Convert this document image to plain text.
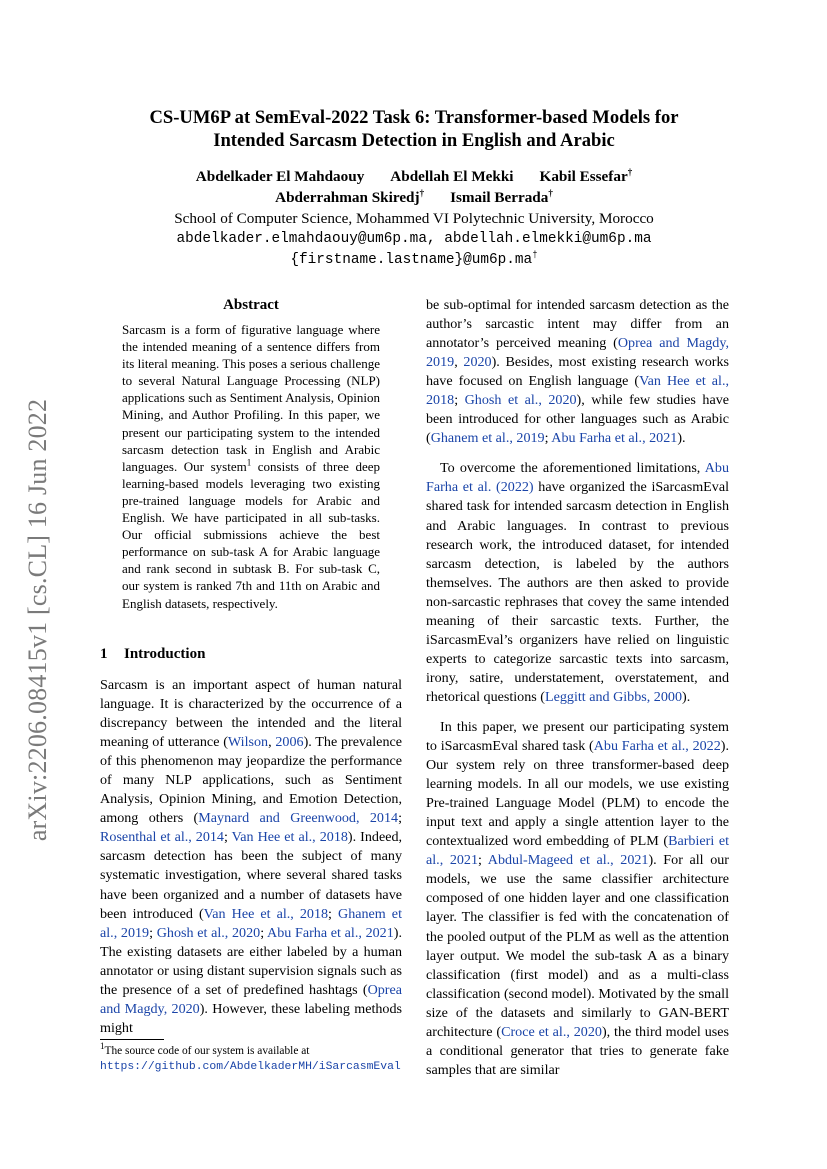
arXiv:2206.08415v1 [cs.CL] 16 Jun 2022
CS-UM6P at SemEval-2022 Task 6: Transformer-based Models for
Intended Sarcasm Detection in English and Arabic
Abdelkader El Mahdaouy Abdellah El Mekki Kabil Essefar†
Abderrahman Skiredj† Ismail Berrada†
School of Computer Science, Mohammed VI Polytechnic University, Morocco
abdelkader.elmahdaouy@um6p.ma, abdellah.elmekki@um6p.ma
{firstname.lastname}@um6p.ma†
Abstract

Sarcasm is a form of figurative language where the intended meaning of a sentence differs from its literal meaning. This poses a serious challenge to several Natural Language Processing (NLP) applications such as Sentiment Analysis, Opinion Mining, and Author Profiling. In this paper, we present our participating system to the intended sarcasm detection task in English and Arabic languages. Our system$^1$ consists of three deep learning-based models leveraging two existing pre-trained language models for Arabic and English. We have participated in all sub-tasks. Our official submissions achieve the best performance on sub-task A for Arabic language and rank second in subtask B. For sub-task C, our system is ranked 7th and 11th on Arabic and English datasets, respectively.

1 Introduction

Sarcasm is an important aspect of human natural language. It is characterized by the occurrence of a discrepancy between the intended and the literal meaning of utterance (Wilson, 2006). The prevalence of this phenomenon may jeopardize the performance of many NLP applications, such as Sentiment Analysis, Opinion Mining, and Emotion Detection, among others (Maynard and Greenwood, 2014; Rosenthal et al., 2014; Van Hee et al., 2018). Indeed, sarcasm detection has been the subject of many systematic investigation, where several shared tasks have been organized and a number of datasets have been introduced (Van Hee et al., 2018; Ghanem et al., 2019; Ghosh et al., 2020; Abu Farha et al., 2021). The existing datasets are either labeled by a human annotator or using distant supervision signals such as the presence of a set of predefined hashtags (Oprea and Magdy, 2020). However, these labeling methods might

$^1$The source code of our system is available at https://github.com/AbdelkaderMH/iSarcasmEval

be sub-optimal for intended sarcasm detection as the author’s sarcastic intent may differ from an annotator’s perceived meaning (Oprea and Magdy, 2019, 2020). Besides, most existing research works have focused on English language (Van Hee et al., 2018; Ghosh et al., 2020), while few studies have been introduced for other languages such as Arabic (Ghanem et al., 2019; Abu Farha et al., 2021).

To overcome the aforementioned limitations, Abu Farha et al. (2022) have organized the iSarcasmEval shared task for intended sarcasm detection in English and Arabic languages. In contrast to previous research work, the introduced dataset, for intended sarcasm detection, is labeled by the authors themselves. The authors are then asked to provide non-sarcastic rephrases that covey the same intended meaning of their sarcastic texts. Further, the iSarcasmEval’s organizers have relied on linguistic experts to categorize sarcastic texts into sarcasm, irony, satire, understatement, overstatement, and rhetorical questions (Leggitt and Gibbs, 2000).

In this paper, we present our participating system to iSarcasmEval shared task (Abu Farha et al., 2022). Our system rely on three transformer-based deep learning models. In all our models, we use existing Pre-trained Language Model (PLM) to encode the input text and apply a single attention layer to the contextualized word embedding of PLM (Barbieri et al., 2021; Abdul-Mageed et al., 2021). For all our models, we use the same classifier architecture composed of one hidden layer and one classification layer. The classifier is fed with the concatenation of the pooled output of the PLM as well as the attention layer output. We model the sub-task A as a binary classification (first model) and as a multi-class classification (second model). Motivated by the small size of the datasets and similarly to GAN-BERT architecture (Croce et al., 2020), the third model uses a conditional generator that tries to generate fake samples that are similar
